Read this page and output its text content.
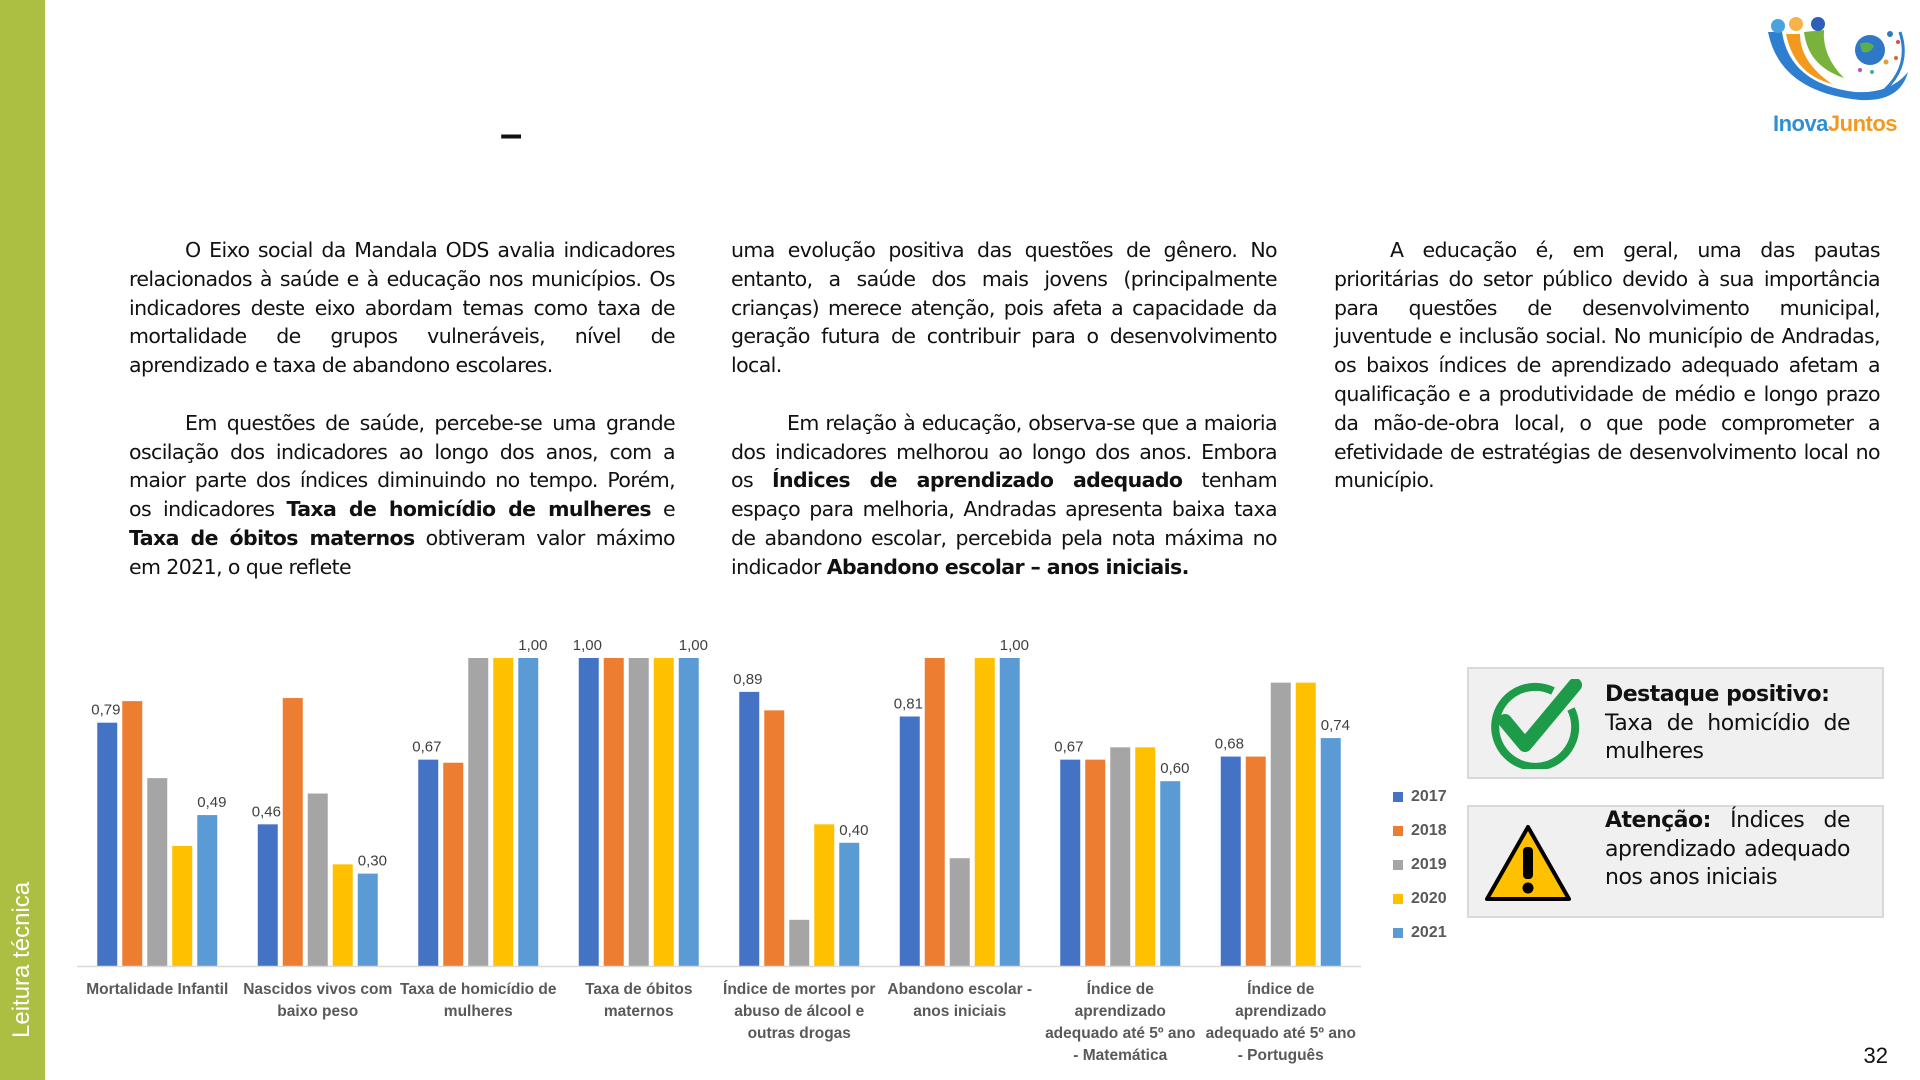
Leitura técnica
–	InovaJuntos

O Eixo social da Mandala ODS avalia indicadores relacionados à saúde e à educação nos municípios. Os indicadores deste eixo abordam temas como taxa de mortalidade de grupos vulneráveis, nível de aprendizado e taxa de abandono escolares.

Em questões de saúde, percebe-se uma grande oscilação dos indicadores ao longo dos anos, com a maior parte dos índices diminuindo no tempo. Porém, os indicadores Taxa de homicídio de mulheres e Taxa de óbitos maternos obtiveram valor máximo em 2021, o que reflete

uma evolução positiva das questões de gênero. No entanto, a saúde dos mais jovens (principalmente crianças) merece atenção, pois afeta a capacidade da geração futura de contribuir para o desenvolvimento local.

Em relação à educação, observa-se que a maioria dos indicadores melhorou ao longo dos anos. Embora os Índices de aprendizado adequado tenham espaço para melhoria, Andradas apresenta baixa taxa de abandono escolar, percebida pela nota máxima no indicador Abandono escolar – anos iniciais.

A educação é, em geral, uma das pautas prioritárias do setor público devido à sua importância para questões de desenvolvimento municipal, juventude e inclusão social. No município de Andradas, os baixos índices de aprendizado adequado afetam a qualificação e a produtividade de médio e longo prazo da mão-de-obra local, o que pode comprometer a efetividade de estratégias de desenvolvimento local no município.

0,79
0,49
0,46
0,30
0,67
1,00 1,00	1,00
0,89
0,40
0,81
1,00
0,67
0,60
0,68
0,74
Mortalidade Infantil Nascidos vivos com
baixo peso
Taxa de homicídio de
mulheres
Taxa de óbitos
maternos
Índice de mortes por
abuso de álcool e
outras drogas
Abandono escolar -
anos iniciais
Índice de
aprendizado
adequado até 5º ano
- Matemática
Índice de
aprendizado
adequado até 5º ano
- Português
2017
2018
2019
2020
2021
Destaque positivo:
Taxa de homicídio de mulheres
Atenção: Índices de aprendizado adequado nos anos iniciais
32
